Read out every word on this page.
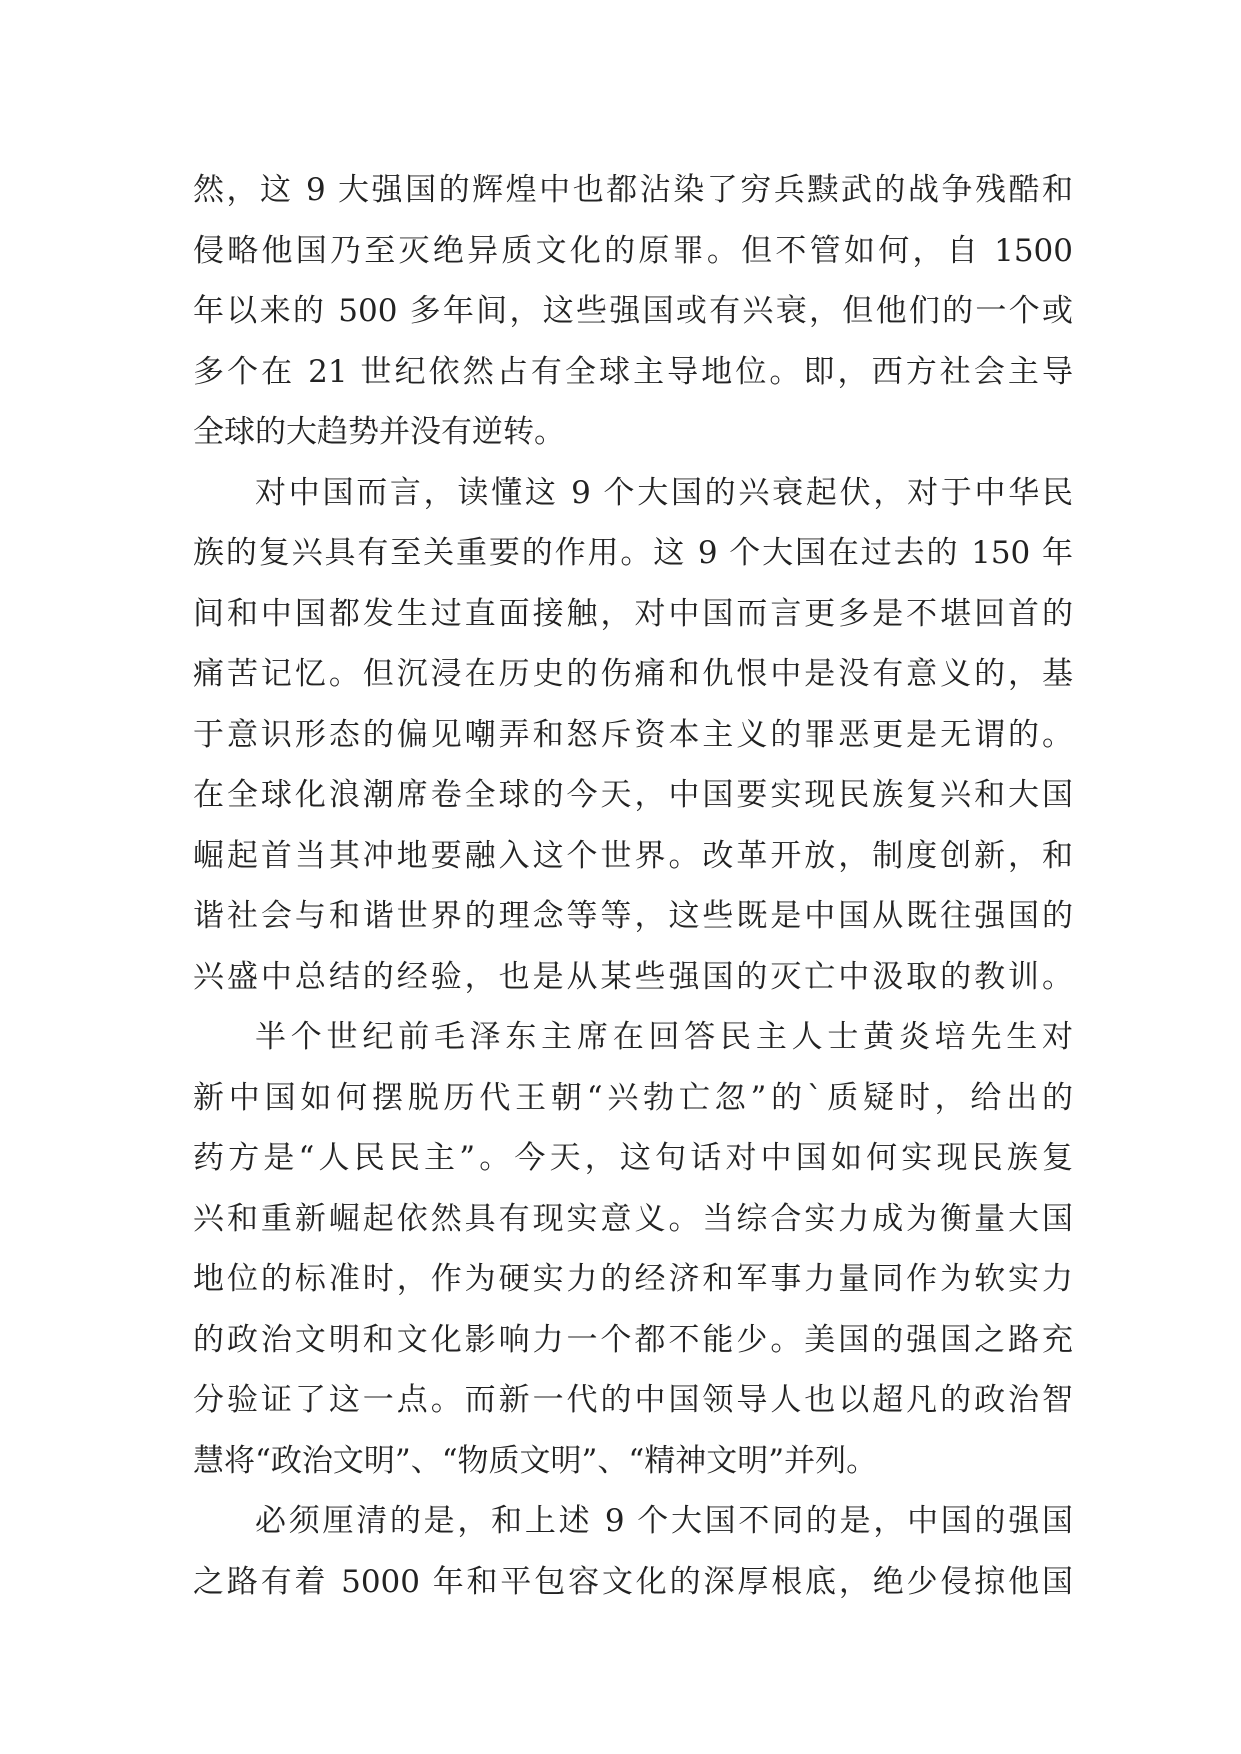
然，这 9 大强国的辉煌中也都沾染了穷兵黩武的战争残酷和
侵略他国乃至灭绝异质文化的原罪。但不管如何，自 1500
年以来的 500 多年间，这些强国或有兴衰，但他们的一个或
多个在 21 世纪依然占有全球主导地位。即，西方社会主导
全球的大趋势并没有逆转。
对中国而言，读懂这 9 个大国的兴衰起伏，对于中华民
族的复兴具有至关重要的作用。这 9 个大国在过去的 150 年
间和中国都发生过直面接触，对中国而言更多是不堪回首的
痛苦记忆。但沉浸在历史的伤痛和仇恨中是没有意义的，基
于意识形态的偏见嘲弄和怒斥资本主义的罪恶更是无谓的。
在全球化浪潮席卷全球的今天，中国要实现民族复兴和大国
崛起首当其冲地要融入这个世界。改革开放，制度创新，和
谐社会与和谐世界的理念等等，这些既是中国从既往强国的
兴盛中总结的经验，也是从某些强国的灭亡中汲取的教训。
半个世纪前毛泽东主席在回答民主人士黄炎培先生对
新中国如何摆脱历代王朝“兴勃亡忽”的`质疑时，给出的
药方是“人民民主”。今天，这句话对中国如何实现民族复
兴和重新崛起依然具有现实意义。当综合实力成为衡量大国
地位的标准时，作为硬实力的经济和军事力量同作为软实力
的政治文明和文化影响力一个都不能少。美国的强国之路充
分验证了这一点。而新一代的中国领导人也以超凡的政治智
慧将“政治文明”、“物质文明”、“精神文明”并列。
必须厘清的是，和上述 9 个大国不同的是，中国的强国
之路有着 5000 年和平包容文化的深厚根底，绝少侵掠他国
